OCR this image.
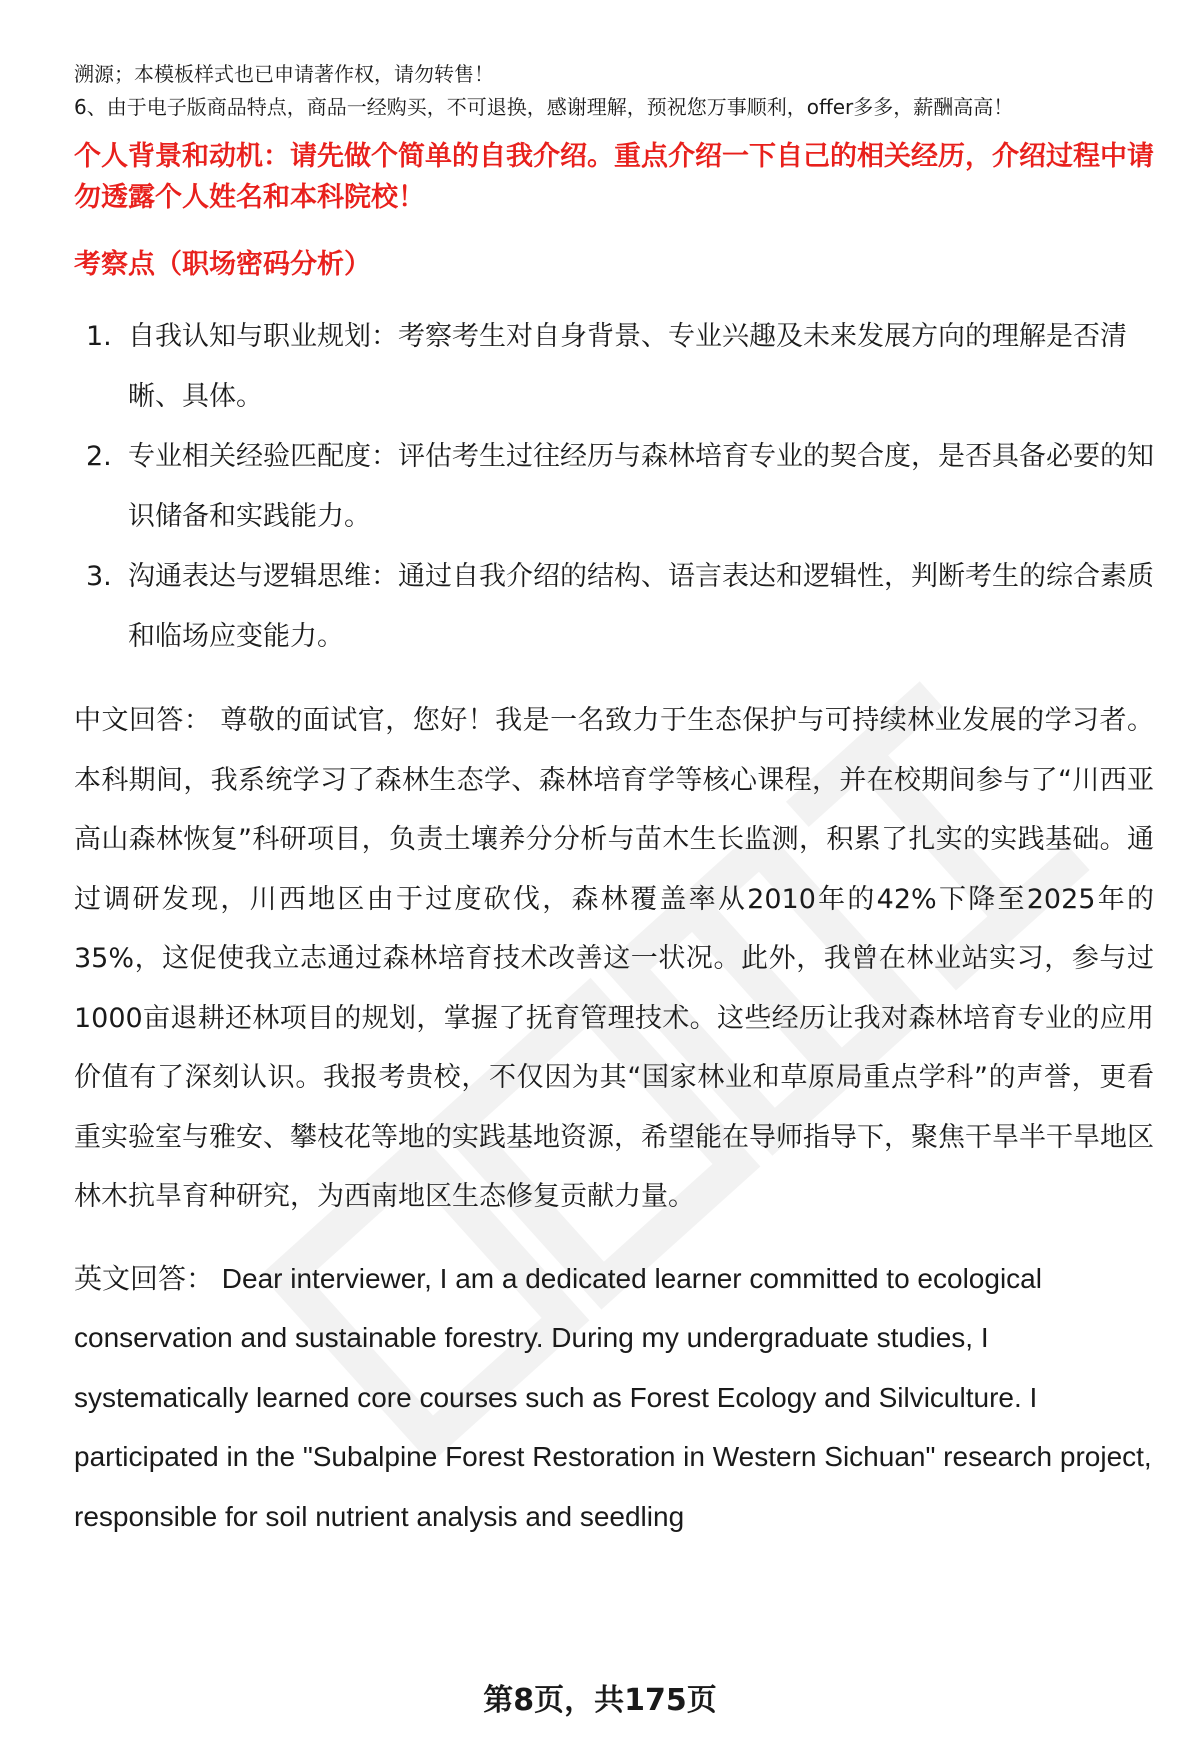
溯源；本模板样式也已申请著作权，请勿转售！

6、由于电子版商品特点，商品一经购买，不可退换，感谢理解，预祝您万事顺利，offer多多，薪酬高高！

个人背景和动机：请先做个简单的自我介绍。重点介绍一下自己的相关经历，介绍过程中请勿透露个人姓名和本科院校！

考察点（职场密码分析）

1. 自我认知与职业规划：考察考生对自身背景、专业兴趣及未来发展方向的理解是否清晰、具体。
2. 专业相关经验匹配度：评估考生过往经历与森林培育专业的契合度，是否具备必要的知识储备和实践能力。
3. 沟通表达与逻辑思维：通过自我介绍的结构、语言表达和逻辑性，判断考生的综合素质和临场应变能力。

中文回答： 尊敬的面试官，您好！我是一名致力于生态保护与可持续林业发展的学习者。本科期间，我系统学习了森林生态学、森林培育学等核心课程，并在校期间参与了“川西亚高山森林恢复”科研项目，负责土壤养分分析与苗木生长监测，积累了扎实的实践基础。通过调研发现，川西地区由于过度砍伐，森林覆盖率从2010年的42%下降至2025年的35%，这促使我立志通过森林培育技术改善这一状况。此外，我曾在林业站实习，参与过1000亩退耕还林项目的规划，掌握了抚育管理技术。这些经历让我对森林培育专业的应用价值有了深刻认识。我报考贵校，不仅因为其“国家林业和草原局重点学科”的声誉，更看重实验室与雅安、攀枝花等地的实践基地资源，希望能在导师指导下，聚焦干旱半干旱地区林木抗旱育种研究，为西南地区生态修复贡献力量。

英文回答： Dear interviewer, I am a dedicated learner committed to ecological conservation and sustainable forestry. During my undergraduate studies, I systematically learned core courses such as Forest Ecology and Silviculture. I participated in the "Subalpine Forest Restoration in Western Sichuan" research project, responsible for soil nutrient analysis and seedling

第8页，共175页
